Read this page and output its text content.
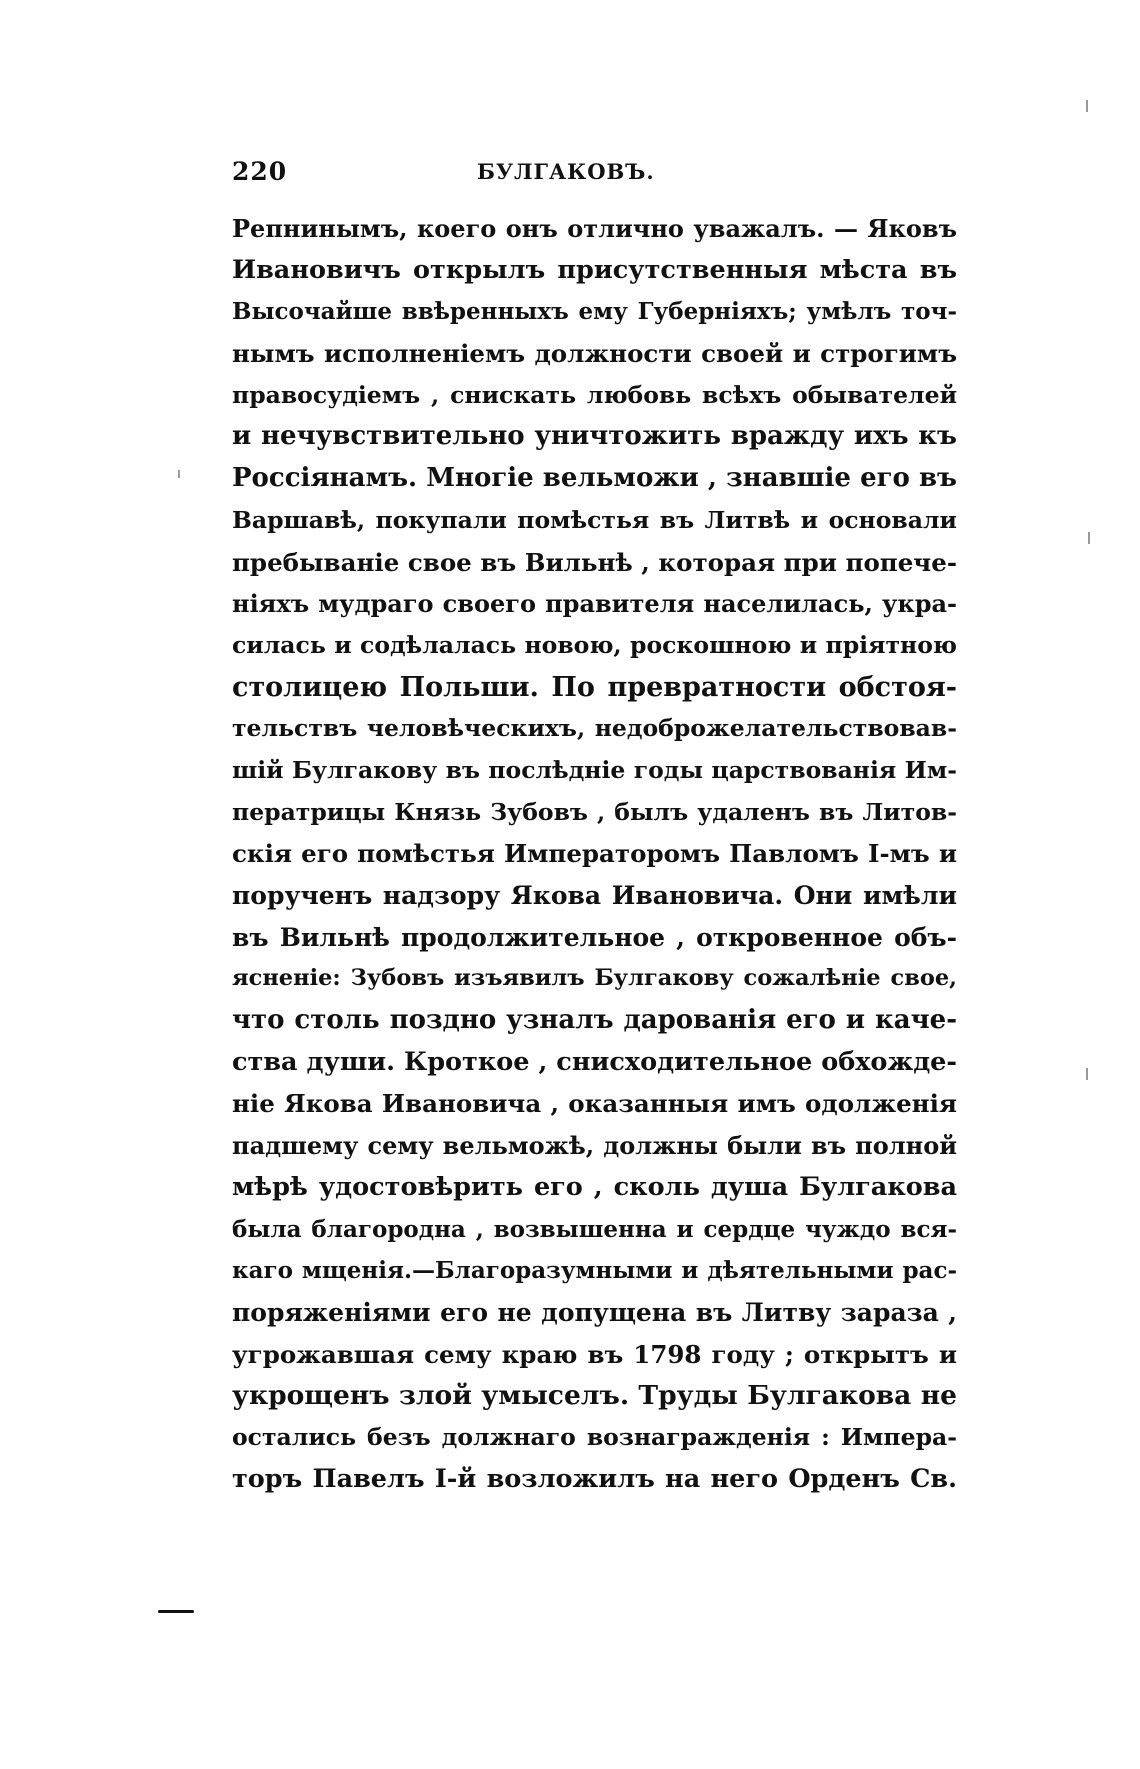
220	БУЛГАКОВЪ.
Репнинымъ, коего онъ отлично уважалъ. — Яковъ
Ивановичъ открылъ присутственныя мѣста въ
Высочайше ввѣренныхъ ему Губерніяхъ; умѣлъ точ-
нымъ исполненіемъ должности своей и строгимъ
правосудіемъ , снискать любовь всѣхъ обывателей
и нечувствительно уничтожить вражду ихъ къ
Россіянамъ. Многіе вельможи , знавшіе его въ
Варшавѣ, покупали помѣстья въ Литвѣ и основали
пребываніе свое въ Вильнѣ , которая при попече-
ніяхъ мудраго своего правителя населилась, укра-
силась и содѣлалась новою, роскошною и пріятною
столицею Польши. По превратности обстоя-
тельствъ человѣческихъ, недоброжелательствовав-
шій Булгакову въ послѣдніе годы царствованія Им-
ператрицы Князь Зубовъ , былъ удаленъ въ Литов-
скія его помѣстья Императоромъ Павломъ I-мъ и
порученъ надзору Якова Ивановича. Они имѣли
въ Вильнѣ продолжительное , откровенное объ-
ясненіе: Зубовъ изъявилъ Булгакову сожалѣніе свое,
что столь поздно узналъ дарованія его и каче-
ства души. Кроткое , снисходительное обхожде-
ніе Якова Ивановича , оказанныя имъ одолженія
падшему сему вельможѣ, должны были въ полной
мѣрѣ удостовѣрить его , сколь душа Булгакова
была благородна , возвышенна и сердце чуждо вся-
каго мщенія.—Благоразумными и дѣятельными рас-
поряженіями его не допущена въ Литву зараза ,
угрожавшая сему краю въ 1798 году ; открытъ и
укрощенъ злой умыселъ. Труды Булгакова не
остались безъ должнаго вознагражденія : Импера-
торъ Павелъ I-й возложилъ на него Орденъ Св.
